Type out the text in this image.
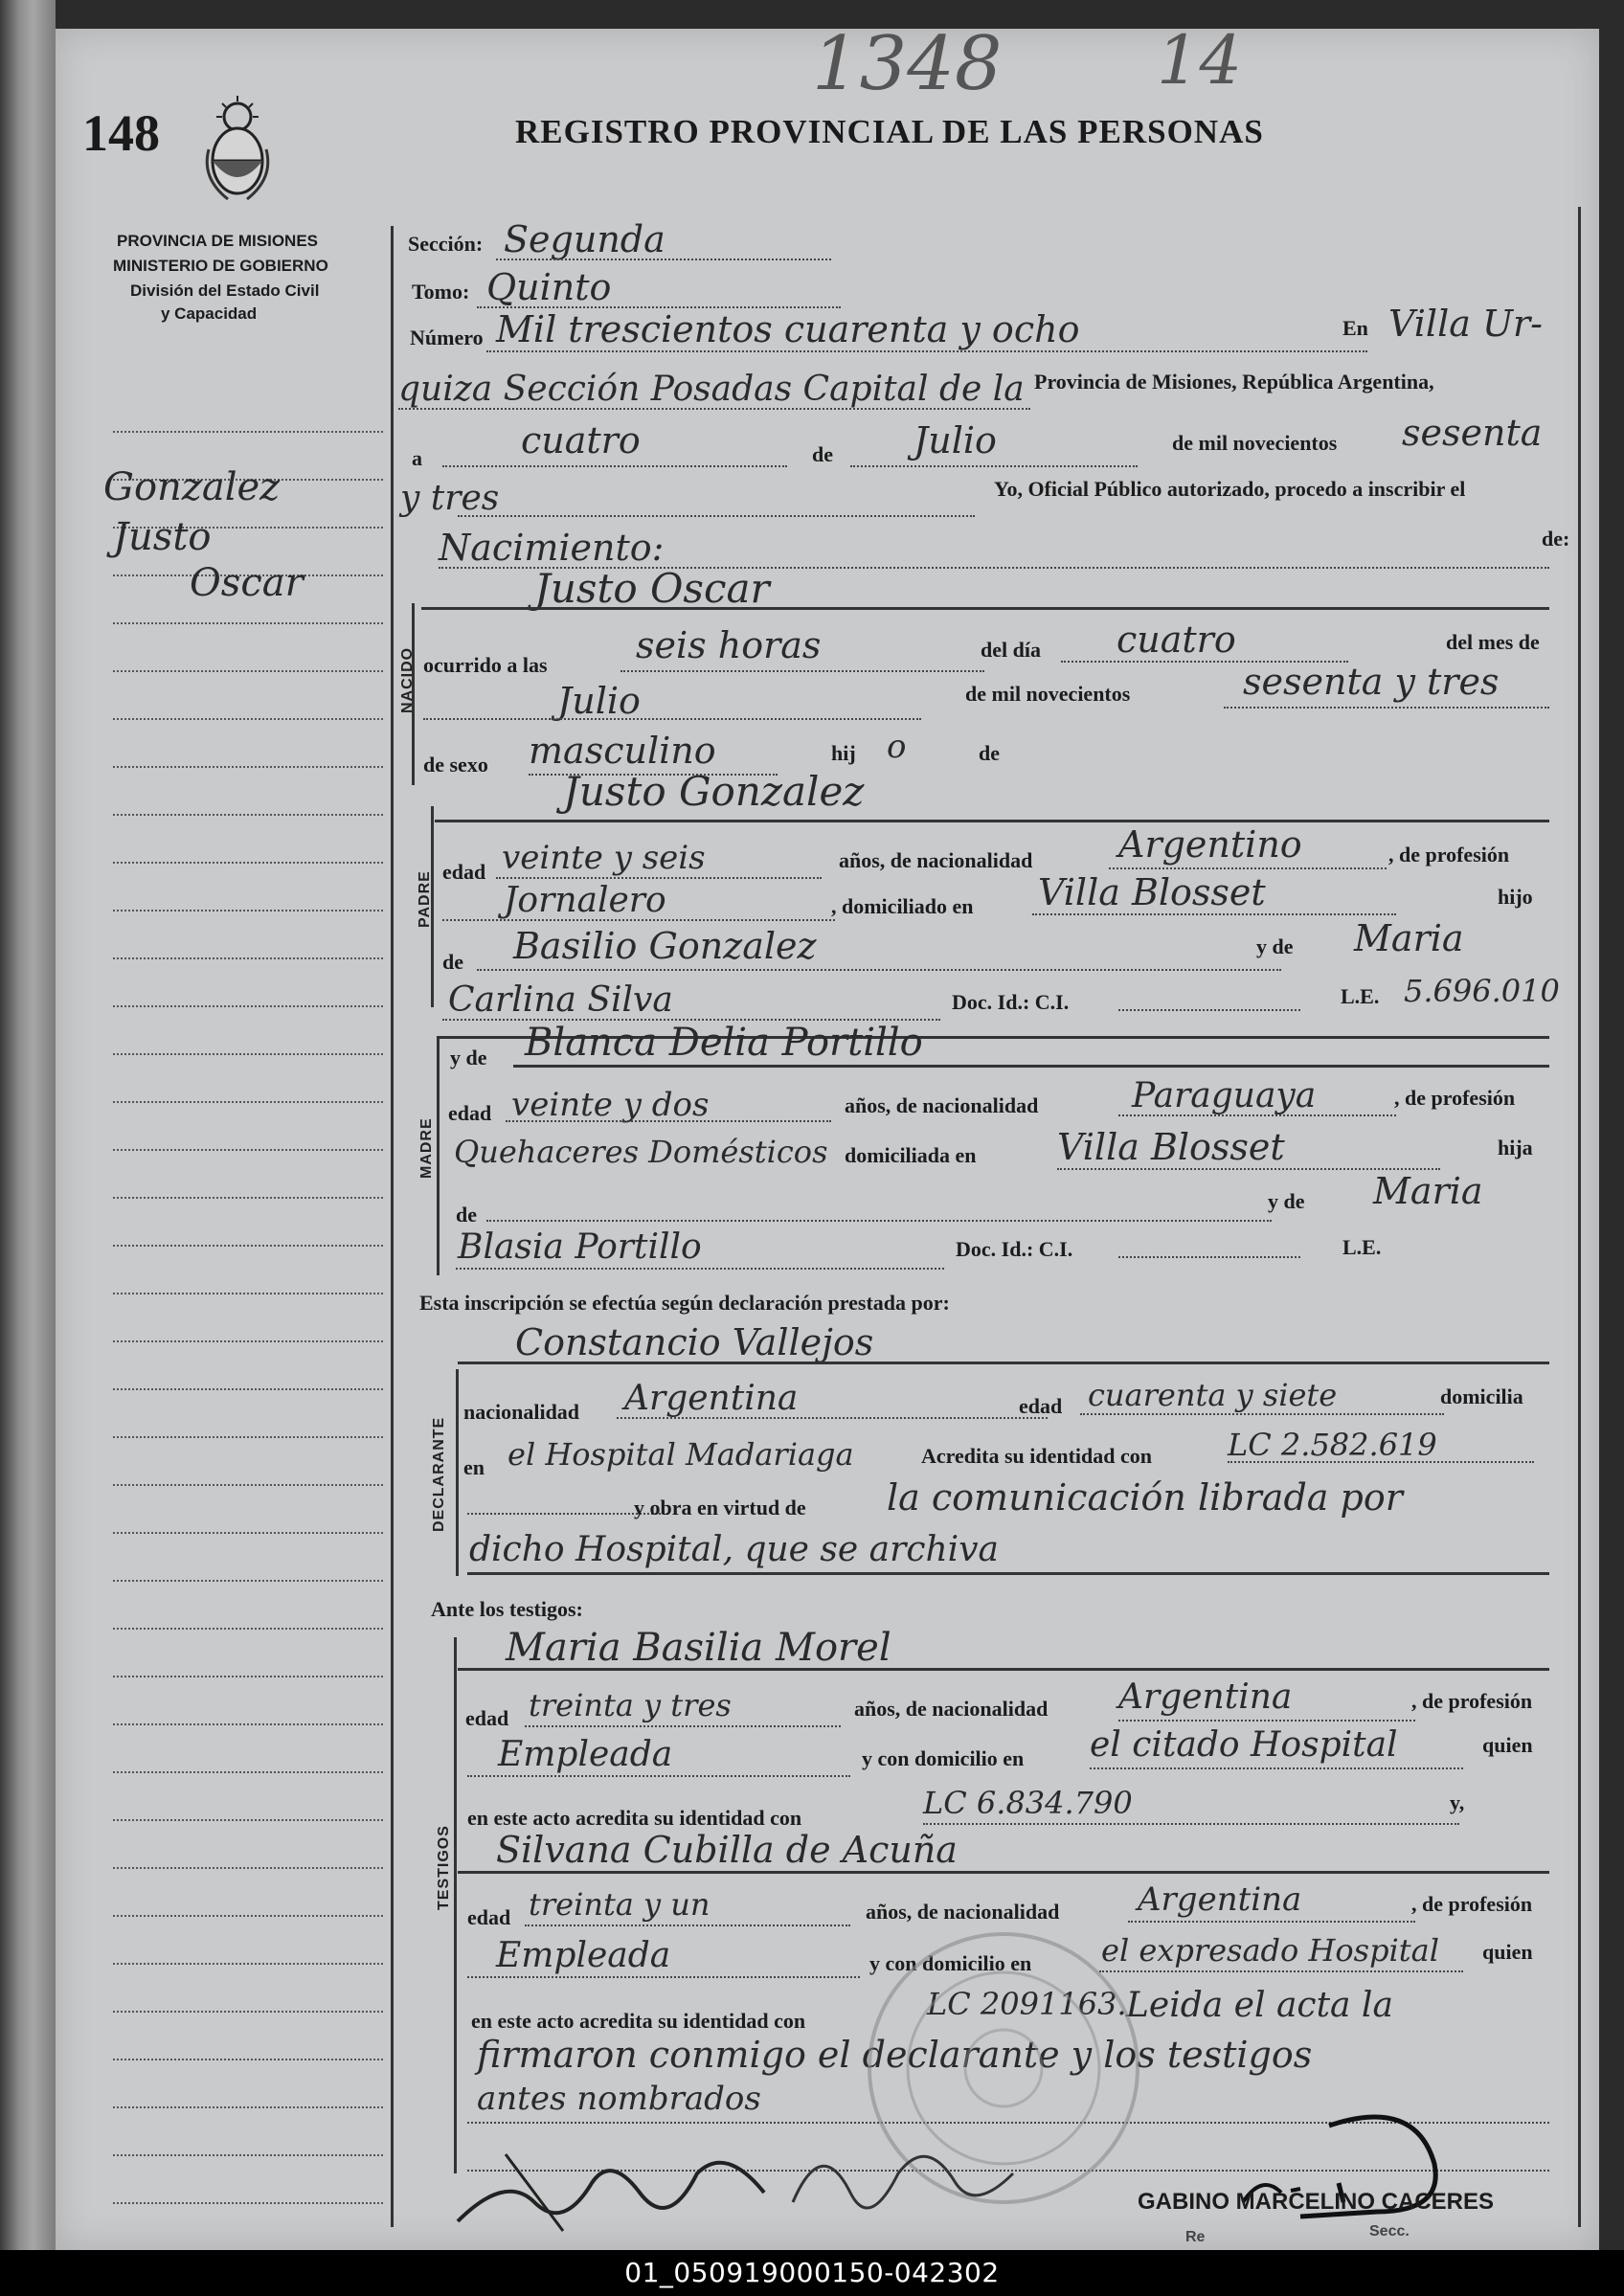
148
1348 14
REGISTRO PROVINCIAL DE LAS PERSONAS
PROVINCIA DE MISIONES
MINISTERIO DE GOBIERNO
División del Estado Civil
y Capacidad
Gonzalez
Justo
Oscar
Sección: Segunda
Tomo: Quinto
Número Mil trescientos cuarenta y ocho	En Villa Ur-
quiza Sección Posadas Capital de la Provincia de Misiones, República Argentina,
a	cuatro	de Julio	de mil novecientos sesenta
y tres	Yo, Oficial Público autorizado, procedo a inscribir el
Nacimiento:	de:
NACIDO
Justo Oscar
ocurrido a las seis horas	del día cuatro	del mes de
Julio	de mil novecientos	sesenta y tres
de sexo masculino	hij o	de
Justo Gonzalez
PADRE edad veinte y seis	años, de nacionalidad Argentino	, de profesión
Jornalero	, domiciliado en Villa Blosset	hijo
de Basilio Gonzalez	y de Maria
Carlina Silva	Doc. Id.: C.I.	L.E. 5.696.010
y de Blanca Delia Portillo
MADRE
edad veinte y dos	años, de nacionalidad	Paraguaya	, de profesión
Quehaceres Domésticos domiciliada en Villa Blosset	hija
de
y de Maria
Blasia Portillo	Doc. Id.: C.I.	L.E.
Esta inscripción se efectúa según declaración prestada por:
Constancio Vallejos
DECLARANTE
nacionalidad Argentina	edad cuarenta y siete	domicilia
en el Hospital Madariaga	Acredita su identidad con LC 2.582.619
y obra en virtud de la comunicación librada por
dicho Hospital, que se archiva
Ante los testigos:
Maria Basilia Morel
TESTIGOS
edad treinta y tres	años, de nacionalidad Argentina	, de profesión
Empleada	y con domicilio en el citado Hospital	quien
en este acto acredita su identidad con	LC 6.834.790	y,
Silvana Cubilla de Acuña
edad treinta y un	años, de nacionalidad Argentina	, de profesión
Empleada	y con domicilio en el expresado Hospital quien
en este acto acredita su identidad con	LC 2091163. Leida el acta la
firmaron conmigo el declarante y los testigos
antes nombrados
GABINO MARCELINO CACERES
Secc.
Re
01_050919000150-042302
